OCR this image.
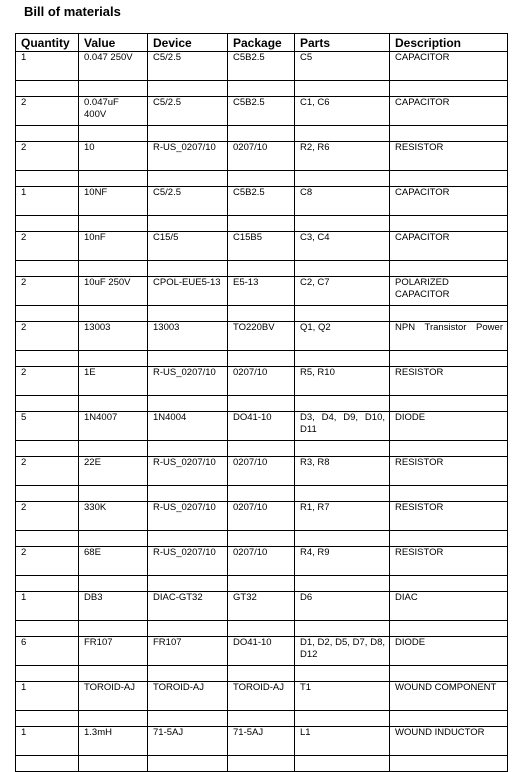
Bill of materials
Quantity	Value	Device	Package	Parts	Description
1	0.047 250V	C5/2.5	C5B2.5	C5	CAPACITOR

2	0.047uF 400V	C5/2.5	C5B2.5	C1, C6	CAPACITOR

2	10	R-US_0207/10	0207/10	R2, R6	RESISTOR

1	10NF	C5/2.5	C5B2.5	C8	CAPACITOR

2	10nF	C15/5	C15B5	C3, C4	CAPACITOR

2	10uF 250V	CPOL-EUE5-13	E5-13	C2, C7	POLARIZED CAPACITOR

2	13003	13003	TO220BV	Q1, Q2	NPN Transistor Power

2	1E	R-US_0207/10	0207/10	R5, R10	RESISTOR

5	1N4007	1N4004	DO41-10	D3, D4, D9, D10, D11	DIODE

2	22E	R-US_0207/10	0207/10	R3, R8	RESISTOR

2	330K	R-US_0207/10	0207/10	R1, R7	RESISTOR

2	68E	R-US_0207/10	0207/10	R4, R9	RESISTOR

1	DB3	DIAC-GT32	GT32	D6	DIAC

6	FR107	FR107	DO41-10	D1, D2, D5, D7, D8, D12	DIODE

1	TOROID-AJ	TOROID-AJ	TOROID-AJ	T1	WOUND COMPONENT

1	1.3mH	71-5AJ	71-5AJ	L1	WOUND INDUCTOR
